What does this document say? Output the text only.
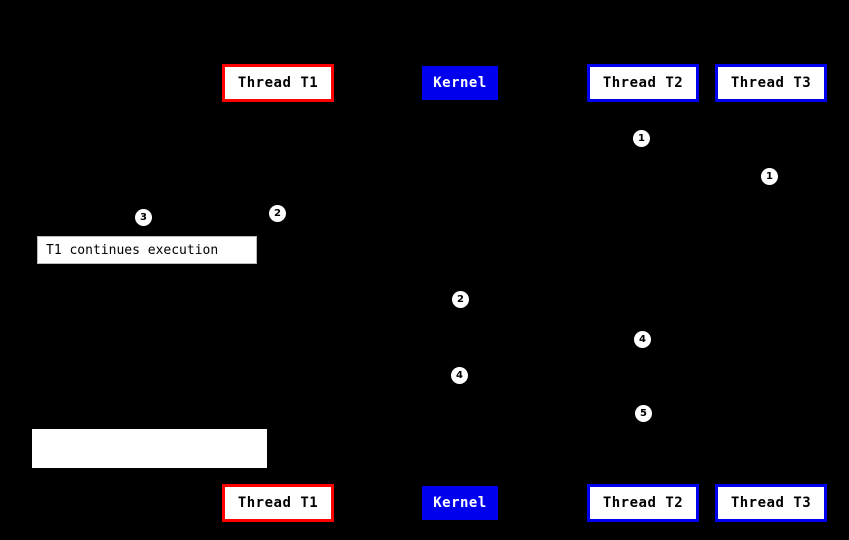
Thread T1	Kernel	Thread T2	Thread T3
Thread T1	Kernel	Thread T2	Thread T3
1
1
3	2
2
4
4
5
T1 continues execution
